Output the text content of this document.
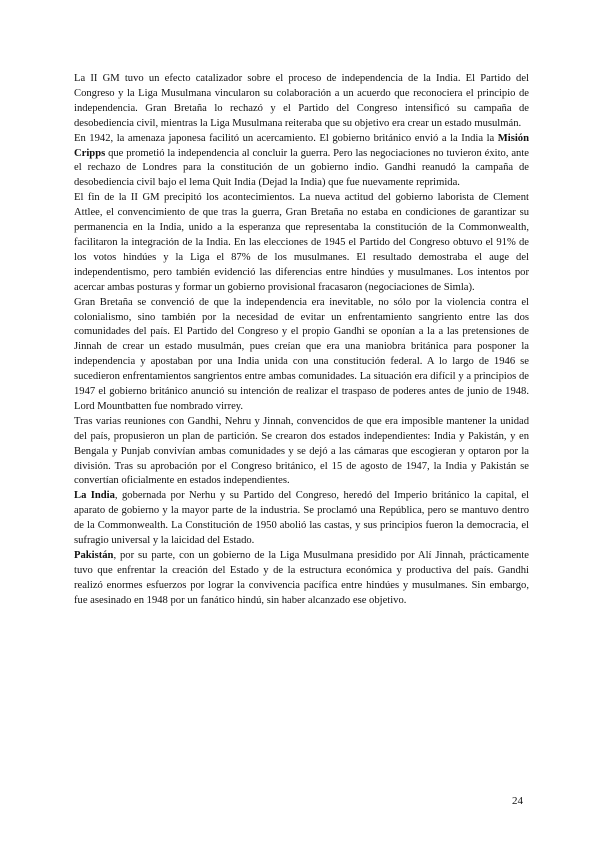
La II GM tuvo un efecto catalizador sobre el proceso de independencia de la India. El Partido del Congreso y la Liga Musulmana vincularon su colaboración a un acuerdo que reconociera el principio de independencia. Gran Bretaña lo rechazó y el Partido del Congreso intensificó su campaña de desobediencia civil, mientras la Liga Musulmana reiteraba que su objetivo era crear un estado musulmán.

En 1942, la amenaza japonesa facilitó un acercamiento. El gobierno británico envió a la India la Misión Cripps que prometió la independencia al concluir la guerra. Pero las negociaciones no tuvieron éxito, ante el rechazo de Londres para la constitución de un gobierno indio. Gandhi reanudó la campaña de desobediencia civil bajo el lema Quit India (Dejad la India) que fue nuevamente reprimida.

El fin de la II GM precipitó los acontecimientos. La nueva actitud del gobierno laborista de Clement Attlee, el convencimiento de que tras la guerra, Gran Bretaña no estaba en condiciones de garantizar su permanencia en la India, unido a la esperanza que representaba la constitución de la Commonwealth, facilitaron la integración de la India. En las elecciones de 1945 el Partido del Congreso obtuvo el 91% de los votos hindúes y la Liga el 87% de los musulmanes. El resultado demostraba el auge del independentismo, pero también evidenció las diferencias entre hindúes y musulmanes. Los intentos por acercar ambas posturas y formar un gobierno provisional fracasaron (negociaciones de Simla).

Gran Bretaña se convenció de que la independencia era inevitable, no sólo por la violencia contra el colonialismo, sino también por la necesidad de evitar un enfrentamiento sangriento entre las dos comunidades del país. El Partido del Congreso y el propio Gandhi se oponían a la a las pretensiones de Jinnah de crear un estado musulmán, pues creían que era una maniobra británica para posponer la independencia y apostaban por una India unida con una constitución federal. A lo largo de 1946 se sucedieron enfrentamientos sangrientos entre ambas comunidades. La situación era difícil y a principios de 1947 el gobierno británico anunció su intención de realizar el traspaso de poderes antes de junio de 1948. Lord Mountbatten fue nombrado virrey.

Tras varias reuniones con Gandhi, Nehru y Jinnah, convencidos de que era imposible mantener la unidad del país, propusieron un plan de partición. Se crearon dos estados independientes: India y Pakistán, y en Bengala y Punjab convivían ambas comunidades y se dejó a las cámaras que escogieran y optaron por la división. Tras su aprobación por el Congreso británico, el 15 de agosto de 1947, la India y Pakistán se convertían oficialmente en estados independientes.

La India, gobernada por Nerhu y su Partido del Congreso, heredó del Imperio británico la capital, el aparato de gobierno y la mayor parte de la industria. Se proclamó una República, pero se mantuvo dentro de la Commonwealth. La Constitución de 1950 abolió las castas, y sus principios fueron la democracia, el sufragio universal y la laicidad del Estado.

Pakistán, por su parte, con un gobierno de la Liga Musulmana presidido por Alí Jinnah, prácticamente tuvo que enfrentar la creación del Estado y de la estructura económica y productiva del país. Gandhi realizó enormes esfuerzos por lograr la convivencia pacífica entre hindúes y musulmanes. Sin embargo, fue asesinado en 1948 por un fanático hindú, sin haber alcanzado ese objetivo.

24
